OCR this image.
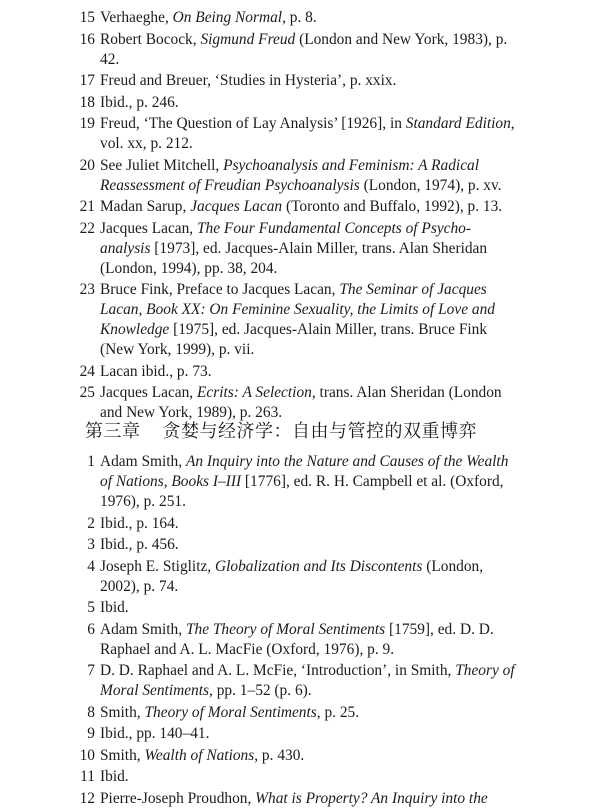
15 Verhaeghe, On Being Normal, p. 8.
16 Robert Bocock, Sigmund Freud (London and New York, 1983), p. 42.
17 Freud and Breuer, ‘Studies in Hysteria’, p. xxix.
18 Ibid., p. 246.
19 Freud, ‘The Question of Lay Analysis’ [1926], in Standard Edition, vol. xx, p. 212.
20 See Juliet Mitchell, Psychoanalysis and Feminism: A Radical Reassessment of Freudian Psychoanalysis (London, 1974), p. xv.
21 Madan Sarup, Jacques Lacan (Toronto and Buffalo, 1992), p. 13.
22 Jacques Lacan, The Four Fundamental Concepts of Psycho-analysis [1973], ed. Jacques-Alain Miller, trans. Alan Sheridan (London, 1994), pp. 38, 204.
23 Bruce Fink, Preface to Jacques Lacan, The Seminar of Jacques Lacan, Book XX: On Feminine Sexuality, the Limits of Love and Knowledge [1975], ed. Jacques-Alain Miller, trans. Bruce Fink (New York, 1999), p. vii.
24 Lacan ibid., p. 73.
25 Jacques Lacan, Ecrits: A Selection, trans. Alan Sheridan (London and New York, 1989), p. 263.
第三章 贪婪与经济学：自由与管控的双重博弈
1 Adam Smith, An Inquiry into the Nature and Causes of the Wealth of Nations, Books I–III [1776], ed. R. H. Campbell et al. (Oxford, 1976), p. 251.
2 Ibid., p. 164.
3 Ibid., p. 456.
4 Joseph E. Stiglitz, Globalization and Its Discontents (London, 2002), p. 74.
5 Ibid.
6 Adam Smith, The Theory of Moral Sentiments [1759], ed. D. D. Raphael and A. L. MacFie (Oxford, 1976), p. 9.
7 D. D. Raphael and A. L. McFie, ‘Introduction’, in Smith, Theory of Moral Sentiments, pp. 1–52 (p. 6).
8 Smith, Theory of Moral Sentiments, p. 25.
9 Ibid., pp. 140–41.
10 Smith, Wealth of Nations, p. 430.
11 Ibid.
12 Pierre-Joseph Proudhon, What is Property? An Inquiry into the
